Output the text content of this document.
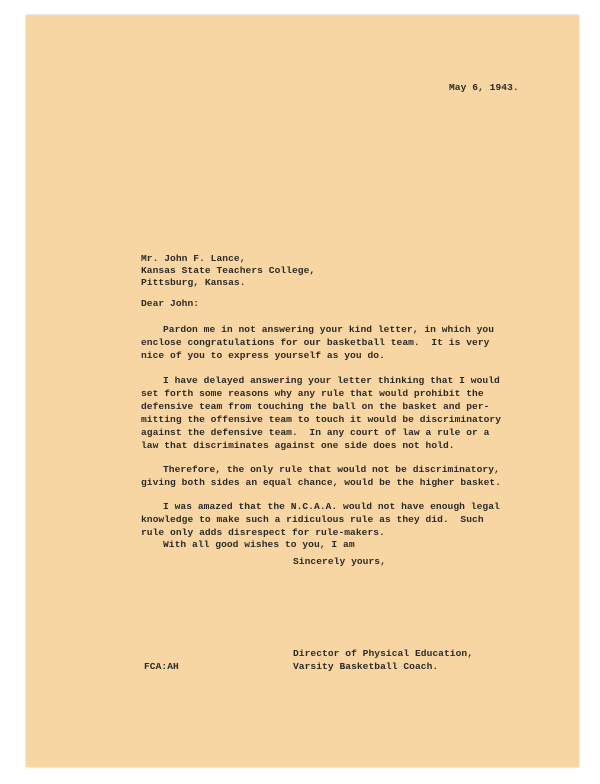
May 6, 1943.
Mr. John F. Lance,
Kansas State Teachers College,
Pittsburg, Kansas.
Dear John:
Pardon me in not answering your kind letter, in which you
enclose congratulations for our basketball team.  It is very
nice of you to express yourself as you do.
I have delayed answering your letter thinking that I would
set forth some reasons why any rule that would prohibit the
defensive team from touching the ball on the basket and per-
mitting the offensive team to touch it would be discriminatory
against the defensive team.  In any court of law a rule or a
law that discriminates against one side does not hold.
Therefore, the only rule that would not be discriminatory,
giving both sides an equal chance, would be the higher basket.
I was amazed that the N.C.A.A. would not have enough legal
knowledge to make such a ridiculous rule as they did.  Such
rule only adds disrespect for rule-makers.
With all good wishes to you, I am
Sincerely yours,
Director of Physical Education,
Varsity Basketball Coach.
FCA:AH
